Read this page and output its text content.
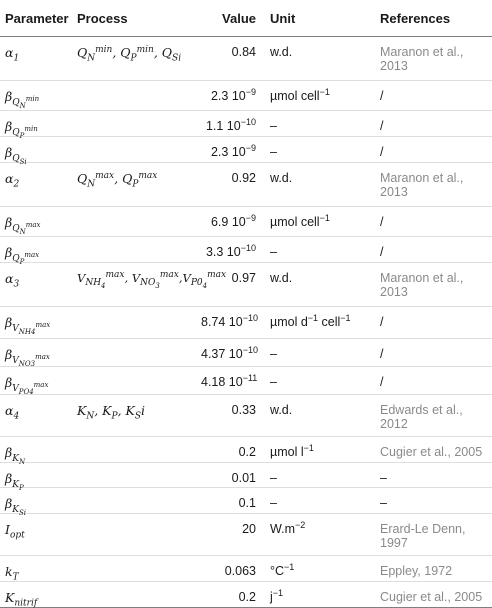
Parameter	Process	Value	Unit	References
$\alpha_1$	$Q_N^{min}$, $Q_P^{min}$, $Q_{Si}$	0.84	w.d.	Maranon et al., 2013
$\beta_{Q_N^{min}}$		2.3 $10^{-9}$	µmol cell$^{-1}$	/
$\beta_{Q_P^{min}}$		1.1 $10^{-10}$	–	/
$\beta_{Q_{Si}}$		2.3 $10^{-9}$	–	/
$\alpha_2$	$Q_N^{max}$, $Q_P^{max}$	0.92	w.d.	Maranon et al., 2013
$\beta_{Q_N^{max}}$		6.9 $10^{-9}$	µmol cell$^{-1}$	/
$\beta_{Q_P^{max}}$		3.3 $10^{-10}$	–	/
$\alpha_3$	$V_{NH_4}^{max}$, $V_{NO_3}^{max},V_{P0_4}^{max}$	0.97	w.d.	Maranon et al., 2013
$\beta_{V_{NH4}^{max}}$		8.74 $10^{-10}$	µmol $d^{-1}$ cell$^{-1}$	/
$\beta_{V_{NO3}^{max}}$		4.37 $10^{-10}$	–	/
$\beta_{V_{PO4}^{max}}$		4.18 $10^{-11}$	–	/
$\alpha_4$	$K_N$, $K_P$, $K_Si$	0.33	w.d.	Edwards et al., 2012
$\beta_{K_N}$		0.2	µmol $l^{-1}$	Cugier et al., 2005
$\beta_{K_P}$		0.01	–	–
$\beta_{K_{Si}}$		0.1	–	–
$I_{opt}$		20	$W.m^{-2}$	Erard-Le Denn, 1997
$k_T$		0.063	$^\circ C^{-1}$	Eppley, 1972
$K_{nitrif}$		0.2	$j^{-1}$	Cugier et al., 2005
